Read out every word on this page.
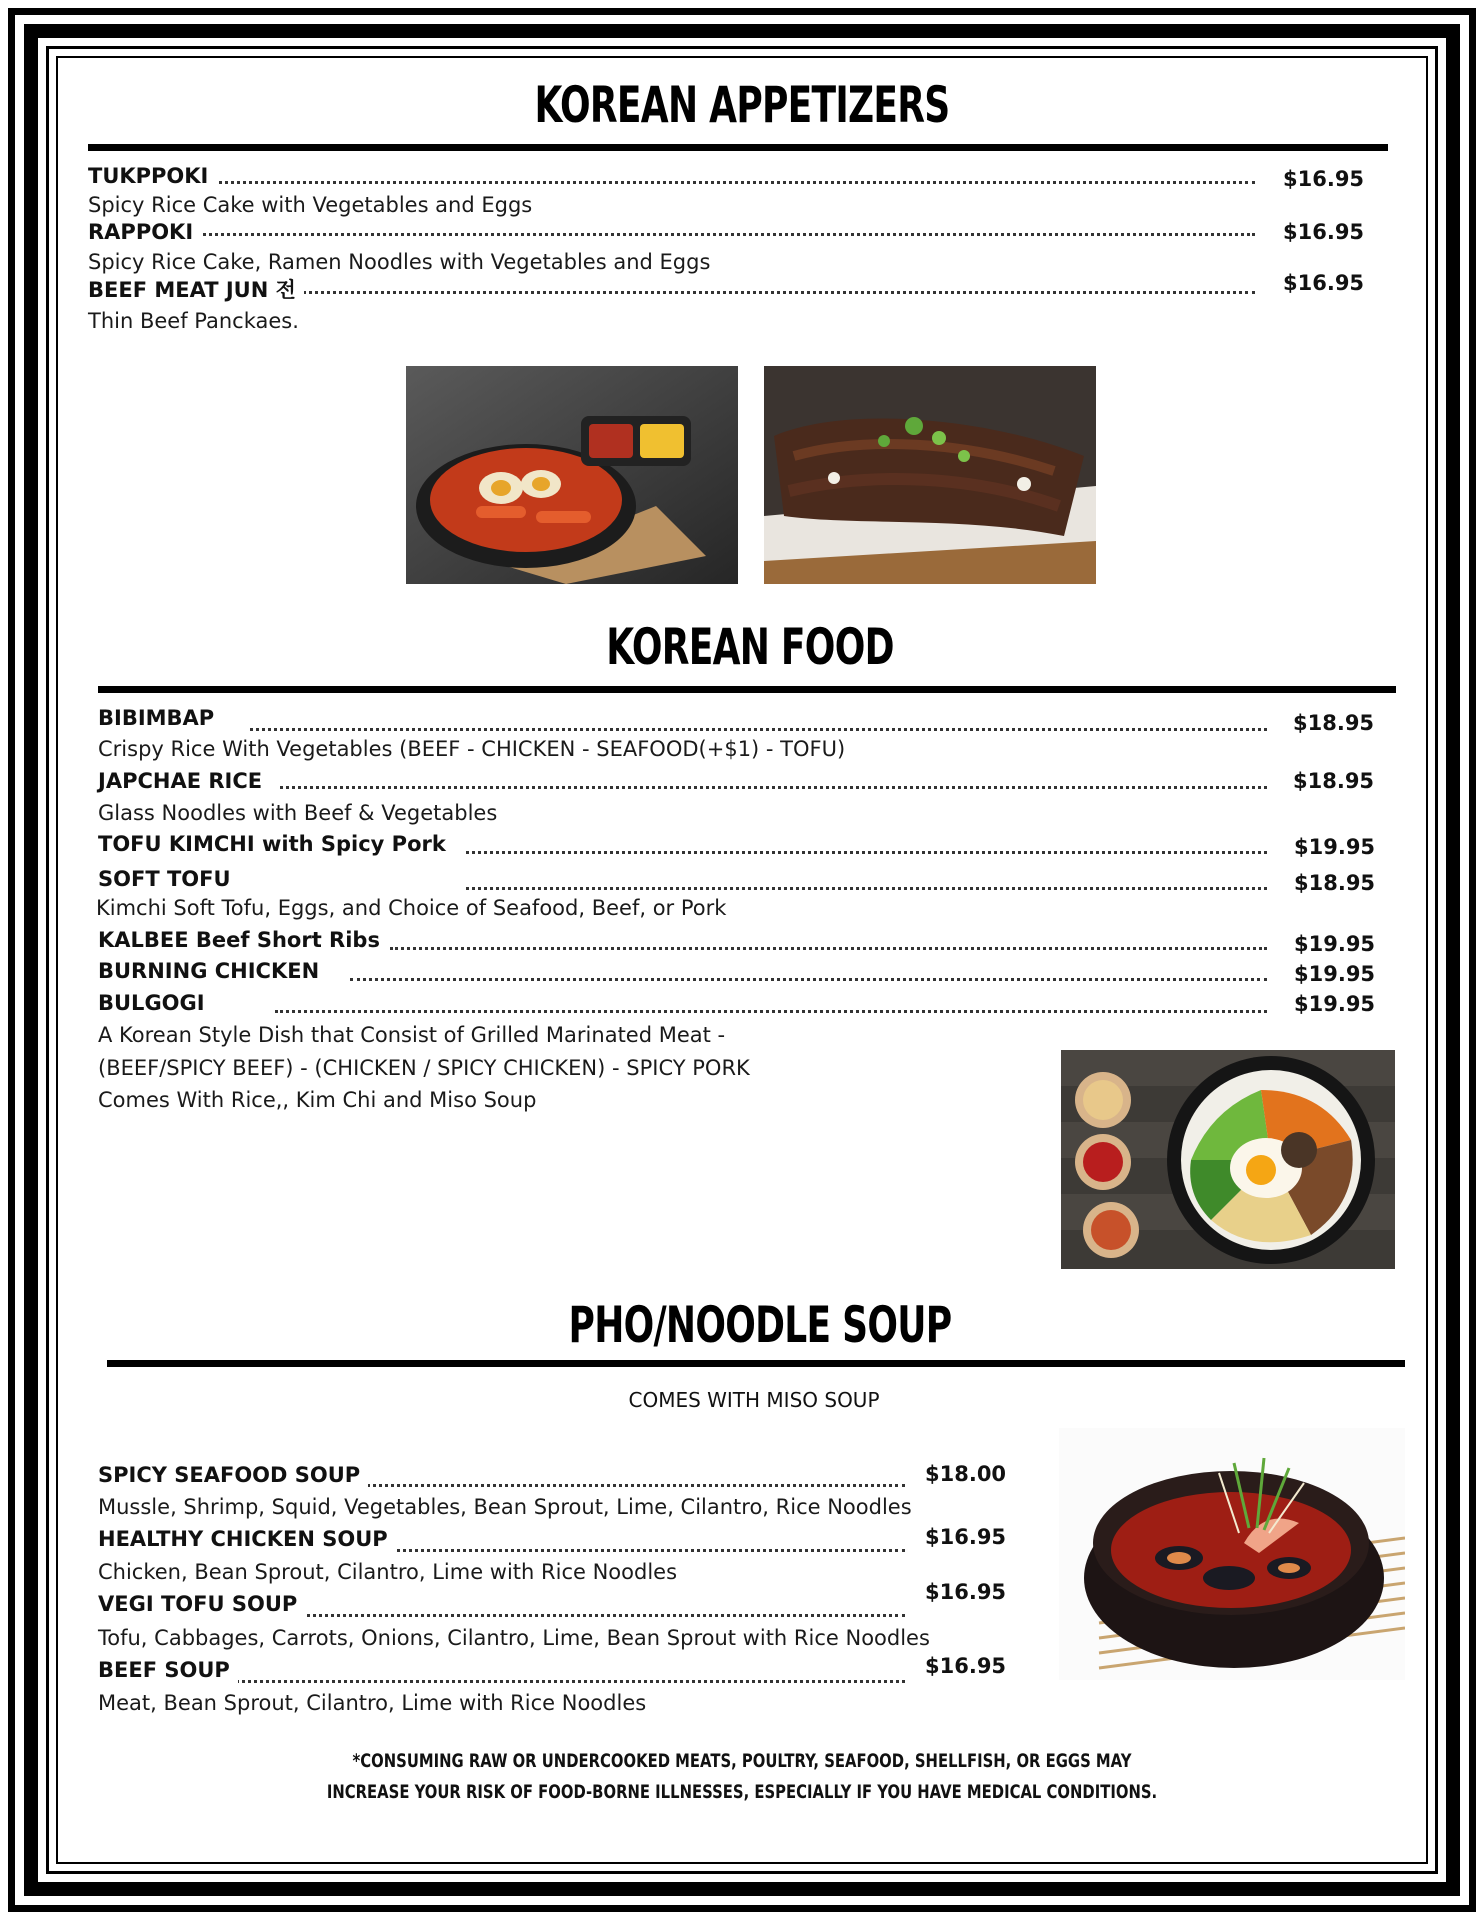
KOREAN APPETIZERS
TUKPPOKI	$16.95
Spicy Rice Cake with Vegetables and Eggs
RAPPOKI	$16.95
Spicy Rice Cake, Ramen Noodles with Vegetables and Eggs
BEEF MEAT JUN 전	$16.95
Thin Beef Panckaes.
KOREAN FOOD
BIBIMBAP	$18.95
Crispy Rice With Vegetables (BEEF - CHICKEN - SEAFOOD(+$1) - TOFU)
JAPCHAE RICE	$18.95
Glass Noodles with Beef & Vegetables
TOFU KIMCHI with Spicy Pork	$19.95
SOFT TOFU	$18.95
Kimchi Soft Tofu, Eggs, and Choice of Seafood, Beef, or Pork
KALBEE Beef Short Ribs	$19.95
BURNING CHICKEN	$19.95
BULGOGI	$19.95
A Korean Style Dish that Consist of Grilled Marinated Meat -
(BEEF/SPICY BEEF) - (CHICKEN / SPICY CHICKEN) - SPICY PORK
Comes With Rice,, Kim Chi and Miso Soup
PHO/NOODLE SOUP
COMES WITH MISO SOUP
SPICY SEAFOOD SOUP	$18.00
Mussle, Shrimp, Squid, Vegetables, Bean Sprout, Lime, Cilantro, Rice Noodles
HEALTHY CHICKEN SOUP	$16.95
Chicken, Bean Sprout, Cilantro, Lime with Rice Noodles
VEGI TOFU SOUP	$16.95
Tofu, Cabbages, Carrots, Onions, Cilantro, Lime, Bean Sprout with Rice Noodles
BEEF SOUP	$16.95
Meat, Bean Sprout, Cilantro, Lime with Rice Noodles
*CONSUMING RAW OR UNDERCOOKED MEATS, POULTRY, SEAFOOD, SHELLFISH, OR EGGS MAY
INCREASE YOUR RISK OF FOOD-BORNE ILLNESSES, ESPECIALLY IF YOU HAVE MEDICAL CONDITIONS.
